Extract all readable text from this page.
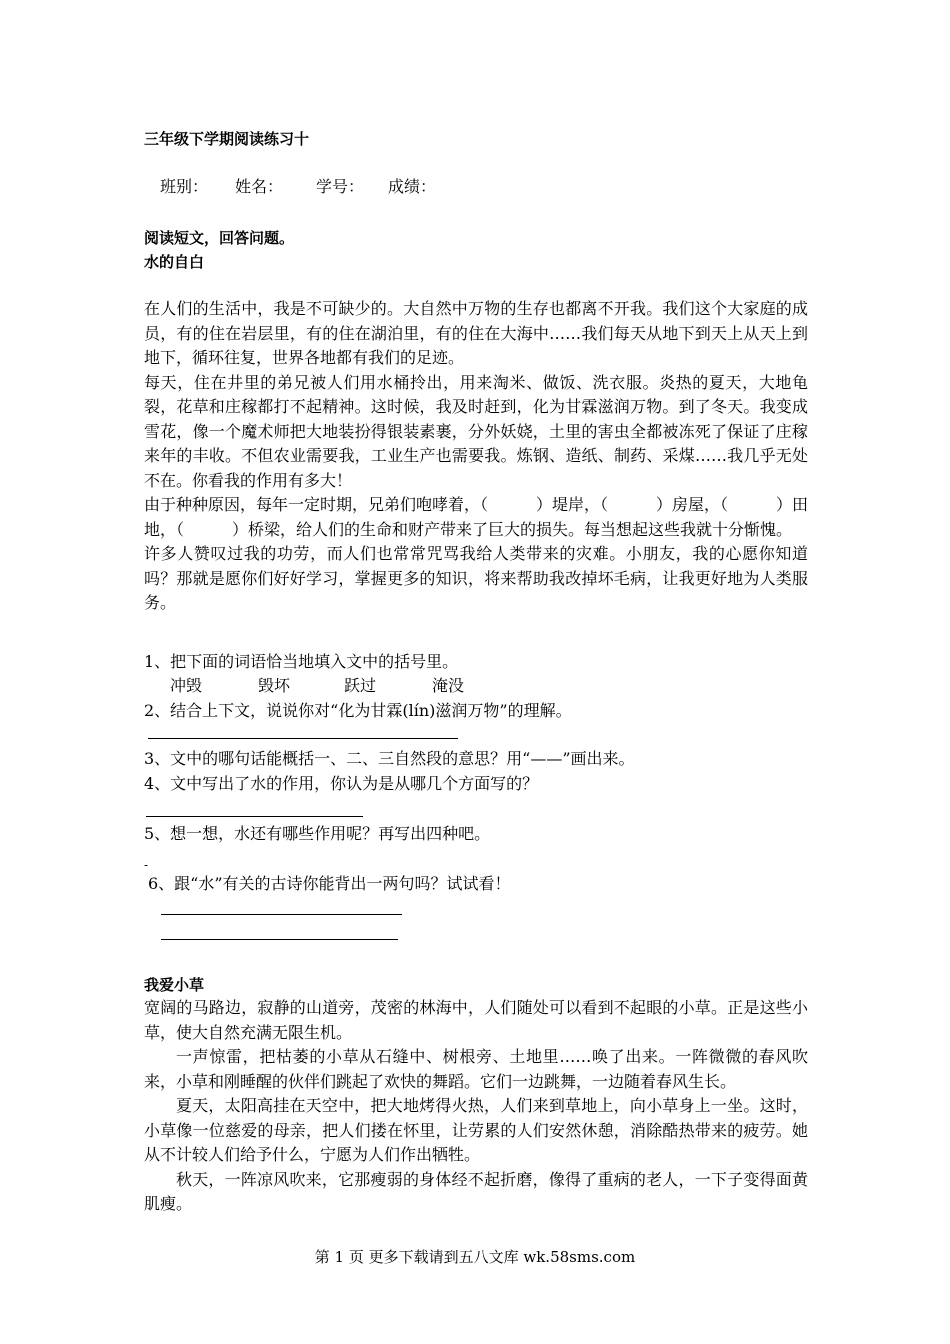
三年级下学期阅读练习十
班别： 姓名： 学号： 成绩：
阅读短文，回答问题。
水的自白

在人们的生活中，我是不可缺少的。大自然中万物的生存也都离不开我。我们这个大家庭的成员，有的住在岩层里，有的住在湖泊里，有的住在大海中……我们每天从地下到天上从天上到地下，循环往复，世界各地都有我们的足迹。

每天，住在井里的弟兄被人们用水桶拎出，用来淘米、做饭、洗衣服。炎热的夏天，大地龟裂，花草和庄稼都打不起精神。这时候，我及时赶到，化为甘霖滋润万物。到了冬天。我变成雪花，像一个魔术师把大地装扮得银装素裹，分外妖娆，土里的害虫全都被冻死了保证了庄稼来年的丰收。不但农业需要我，工业生产也需要我。炼钢、造纸、制药、采煤……我几乎无处不在。你看我的作用有多大！

由于种种原因，每年一定时期，兄弟们咆哮着，（　　　）堤岸，（　　　）房屋，（　　　）田地，（　　　）桥梁，给人们的生命和财产带来了巨大的损失。每当想起这些我就十分惭愧。

许多人赞叹过我的功劳，而人们也常常咒骂我给人类带来的灾难。小朋友，我的心愿你知道吗？那就是愿你们好好学习，掌握更多的知识，将来帮助我改掉坏毛病，让我更好地为人类服务。

1、把下面的词语恰当地填入文中的括号里。
冲毁	毁坏	跃过	淹没
2、结合上下文，说说你对“化为甘霖(lín)滋润万物”的理解。
3、文中的哪句话能概括一、二、三自然段的意思？用“——”画出来。
4、文中写出了水的作用，你认为是从哪几个方面写的？
5、想一想，水还有哪些作用呢？再写出四种吧。
-
6、跟“水”有关的古诗你能背出一两句吗？试试看！
我爱小草

宽阔的马路边，寂静的山道旁，茂密的林海中，人们随处可以看到不起眼的小草。正是这些小草，使大自然充满无限生机。

一声惊雷，把枯萎的小草从石缝中、树根旁、土地里……唤了出来。一阵微微的春风吹来，小草和刚睡醒的伙伴们跳起了欢快的舞蹈。它们一边跳舞，一边随着春风生长。

夏天，太阳高挂在天空中，把大地烤得火热，人们来到草地上，向小草身上一坐。这时，小草像一位慈爱的母亲，把人们搂在怀里，让劳累的人们安然休憩，消除酷热带来的疲劳。她从不计较人们给予什么，宁愿为人们作出牺牲。

秋天，一阵凉风吹来，它那瘦弱的身体经不起折磨，像得了重病的老人，一下子变得面黄肌瘦。

第 1 页 更多下载请到五八文库 wk.58sms.com
